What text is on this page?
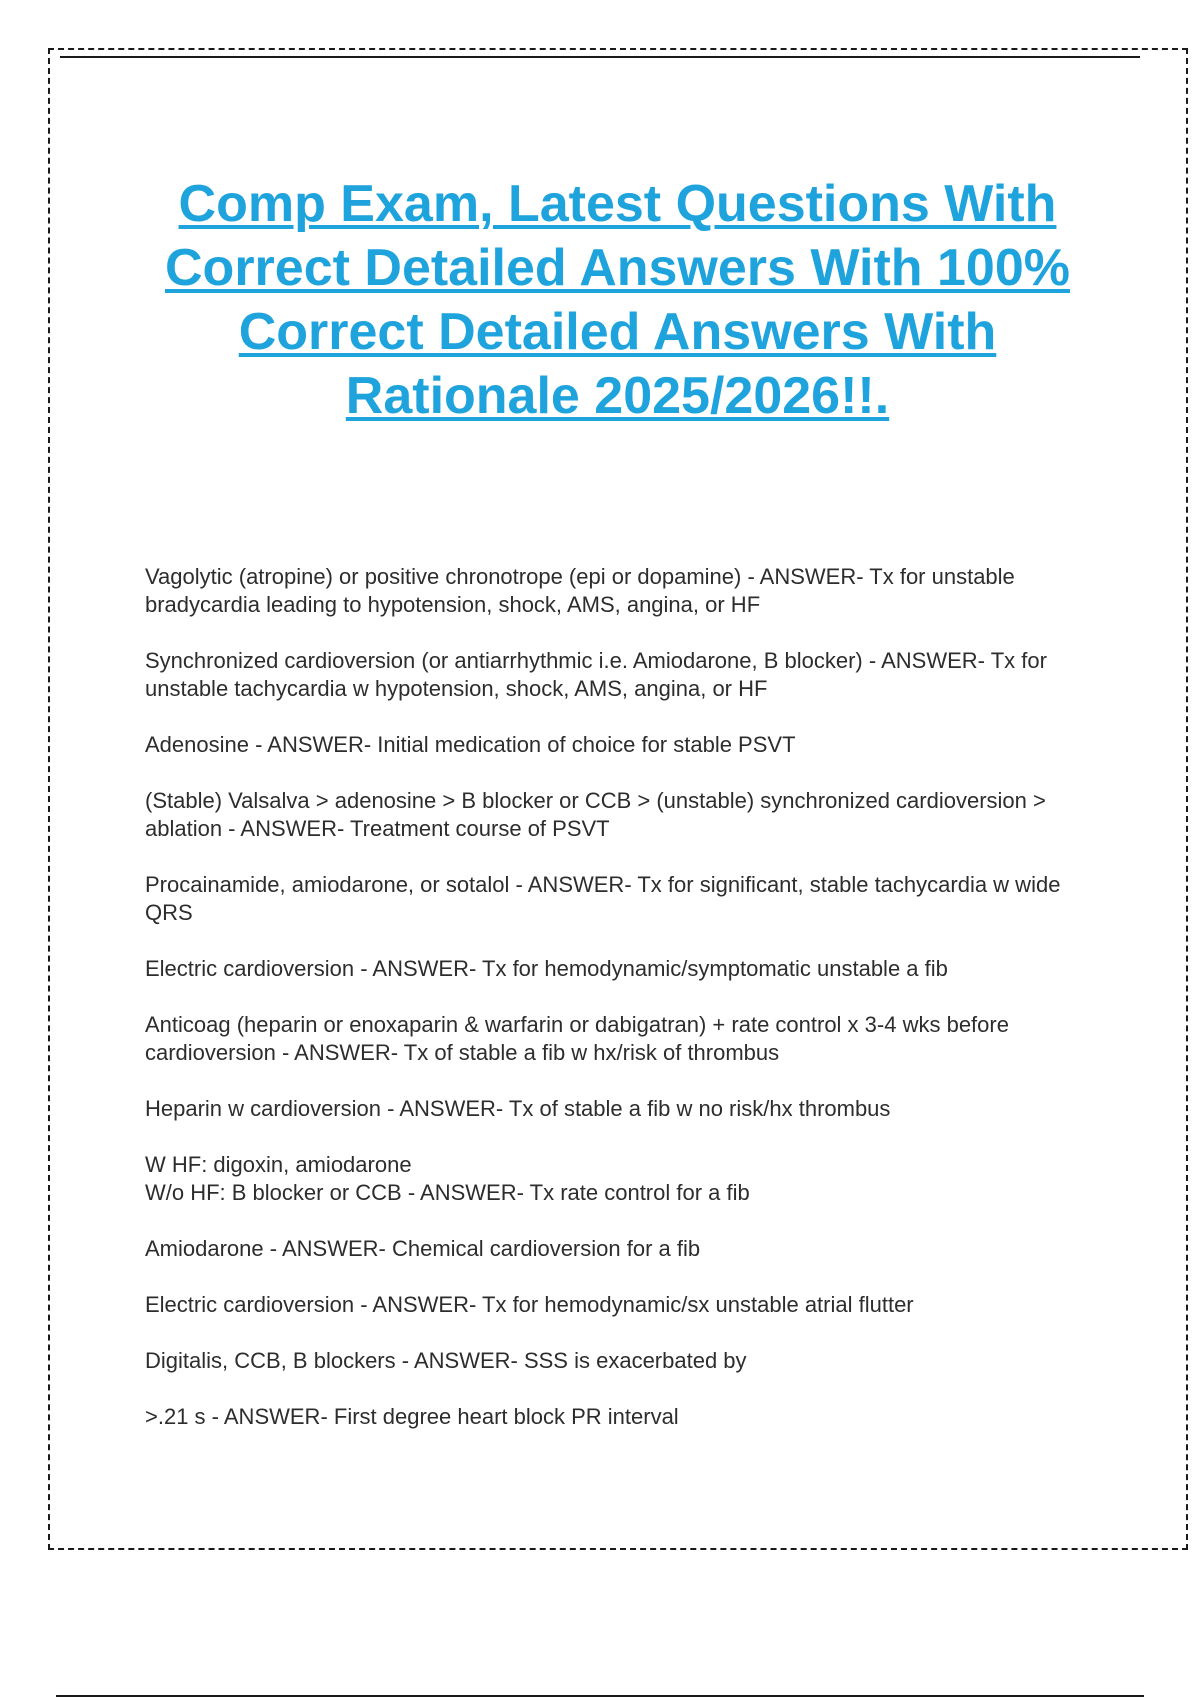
Comp Exam, Latest Questions With Correct Detailed Answers With 100% Correct Detailed Answers With Rationale 2025/2026!!.
Vagolytic (atropine) or positive chronotrope (epi or dopamine) - ANSWER- Tx for unstable bradycardia leading to hypotension, shock, AMS, angina, or HF
Synchronized cardioversion (or antiarrhythmic i.e. Amiodarone, B blocker) - ANSWER- Tx for unstable tachycardia w hypotension, shock, AMS, angina, or HF
Adenosine - ANSWER- Initial medication of choice for stable PSVT
(Stable) Valsalva > adenosine > B blocker or CCB > (unstable) synchronized cardioversion > ablation - ANSWER- Treatment course of PSVT
Procainamide, amiodarone, or sotalol - ANSWER- Tx for significant, stable tachycardia w wide QRS
Electric cardioversion - ANSWER- Tx for hemodynamic/symptomatic unstable a fib
Anticoag (heparin or enoxaparin & warfarin or dabigatran) + rate control x 3-4 wks before cardioversion - ANSWER- Tx of stable a fib w hx/risk of thrombus
Heparin w cardioversion - ANSWER- Tx of stable a fib w no risk/hx thrombus
W HF: digoxin, amiodarone
W/o HF: B blocker or CCB - ANSWER- Tx rate control for a fib
Amiodarone - ANSWER- Chemical cardioversion for a fib
Electric cardioversion - ANSWER- Tx for hemodynamic/sx unstable atrial flutter
Digitalis, CCB, B blockers - ANSWER- SSS is exacerbated by
>.21 s - ANSWER- First degree heart block PR interval
